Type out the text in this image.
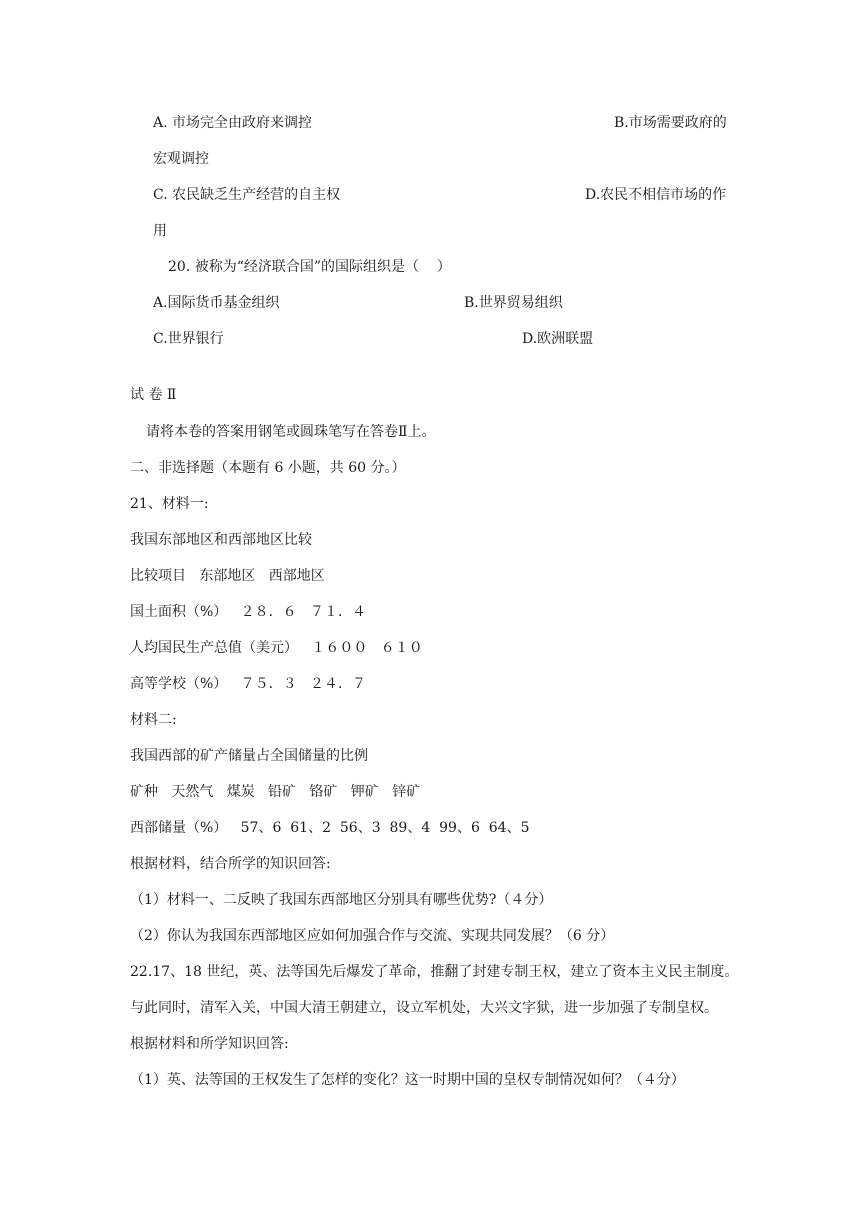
A. 市场完全由政府来调控	B.市场需要政府的
宏观调控
C. 农民缺乏生产经营的自主权	D.农民不相信市场的作
用
20. 被称为“经济联合国”的国际组织是（    ）
A.国际货币基金组织	B.世界贸易组织
C.世界银行	D.欧洲联盟
试 卷 Ⅱ
请将本卷的答案用钢笔或圆珠笔写在答卷Ⅱ上。
二、非选择题（本题有 6 小题，共 60 分。）
21、材料一:
我国东部地区和西部地区比较
比较项目   东部地区   西部地区
国土面积（%）   ２８．６   ７１．４
人均国民生产总值（美元）   １６００   ６１０
高等学校（%）   ７５．３   ２４．７
材料二:
我国西部的矿产储量占全国储量的比例
矿种   天然气   煤炭   铅矿   铬矿   钾矿   锌矿
西部储量（%）   57、6  61、2  56、3  89、4  99、6  64、5
根据材料，结合所学的知识回答:
（1）材料一、二反映了我国东西部地区分别具有哪些优势?（４分）
（2）你认为我国东西部地区应如何加强合作与交流、实现共同发展？（6 分）
22.17、18 世纪，英、法等国先后爆发了革命，推翻了封建专制王权，建立了资本主义民主制度。
与此同时，清军入关，中国大清王朝建立，设立军机处，大兴文字狱，进一步加强了专制皇权。
根据材料和所学知识回答:
（1）英、法等国的王权发生了怎样的变化？这一时期中国的皇权专制情况如何？（４分）
